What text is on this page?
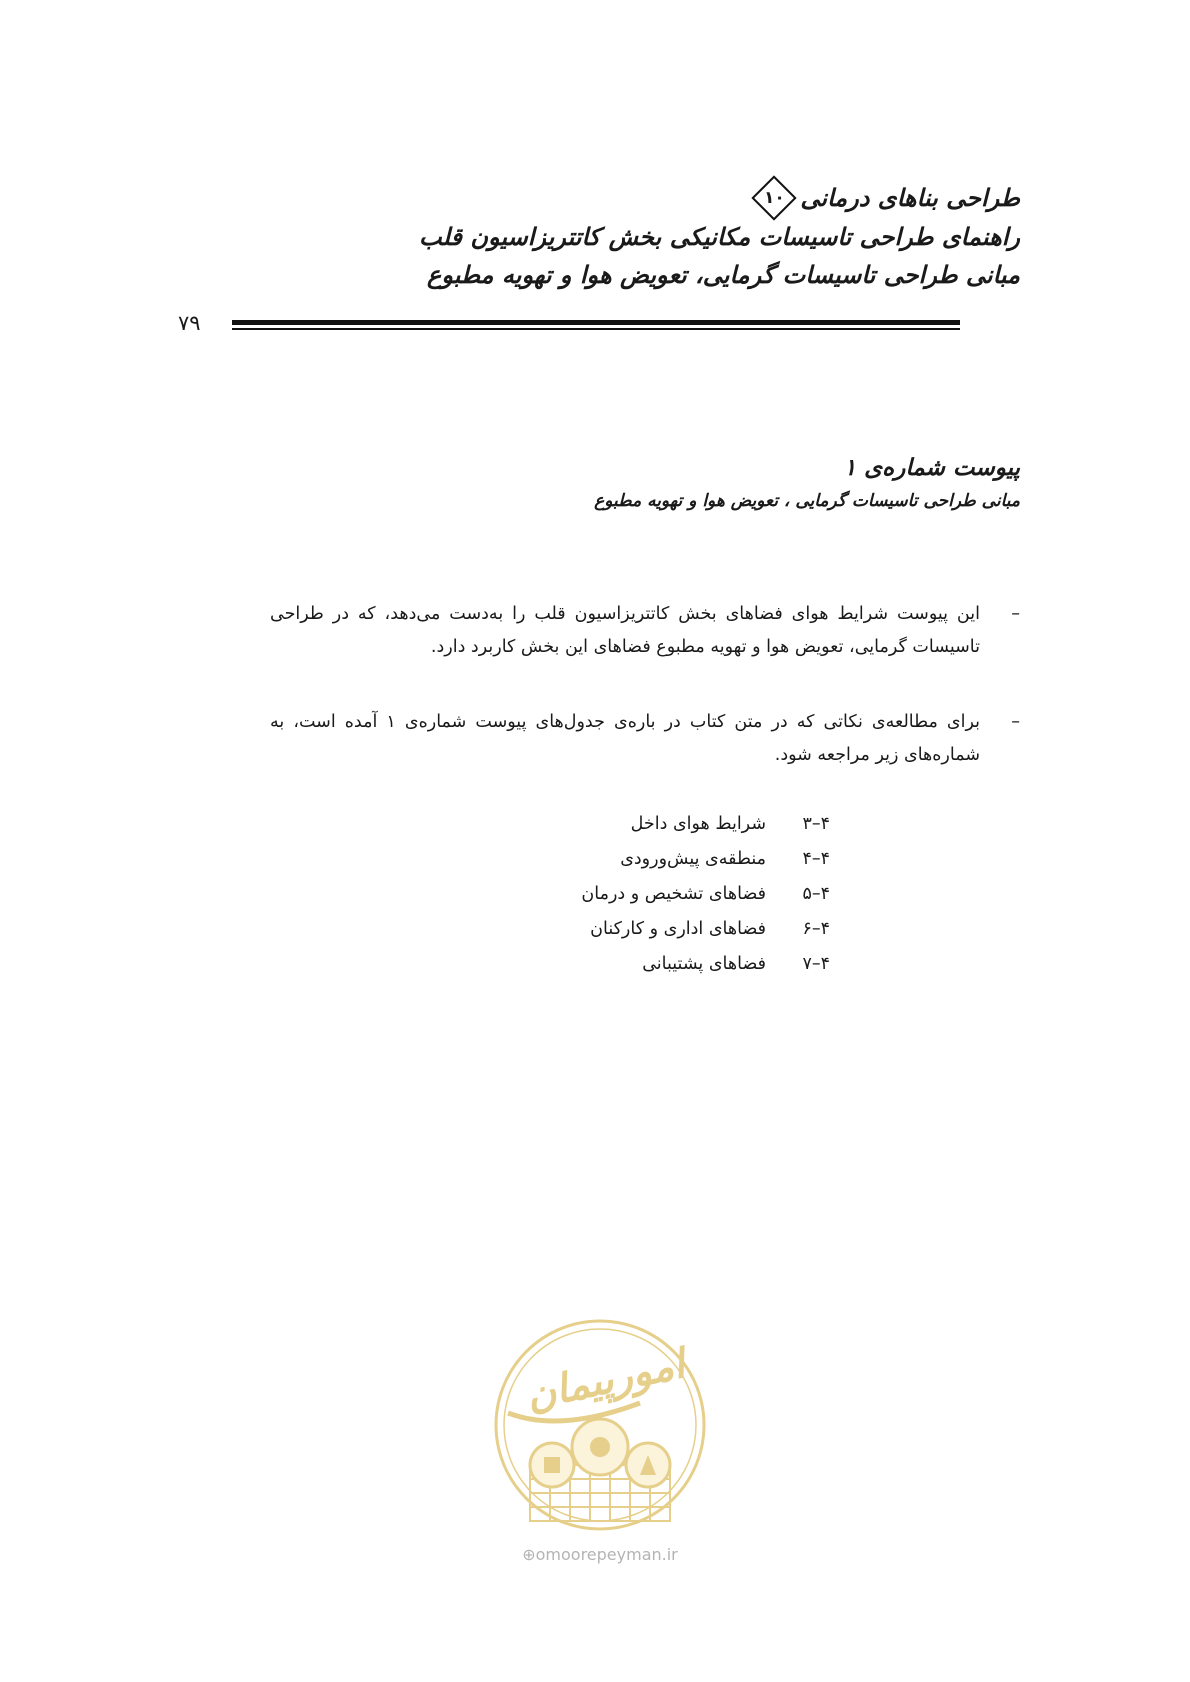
طراحی بناهای درمانی
۱۰
راهنمای طراحی تاسیسات مکانیکی بخش کاتتریزاسیون قلب
مبانی طراحی تاسیسات گرمایی، تعویض هوا و تهویه مطبوع
۷۹
پیوست شماره‌ی ۱
مبانی طراحی تاسیسات گرمایی ، تعویض هوا و تهویه مطبوع
–
این پیوست شرایط هوای فضاهای بخش کاتتریزاسیون قلب را به‌دست می‌دهد، که در طراحی تاسیسات گرمایی، تعویض هوا و تهویه مطبوع فضاهای این بخش کاربرد دارد.
–
برای مطالعه‌ی نکاتی که در متن کتاب در باره‌ی جدول‌های پیوست شماره‌ی ۱ آمده است، به شماره‌های زیر مراجعه شود.
۴–۳
شرایط هوای داخل
۴–۴
منطقه‌ی پیش‌ورودی
۴–۵
فضاهای تشخیص و درمان
۴–۶
فضاهای اداری و کارکنان
۴–۷
فضاهای پشتیبانی
امورپیمان
⊕omoorepeyman.ir
